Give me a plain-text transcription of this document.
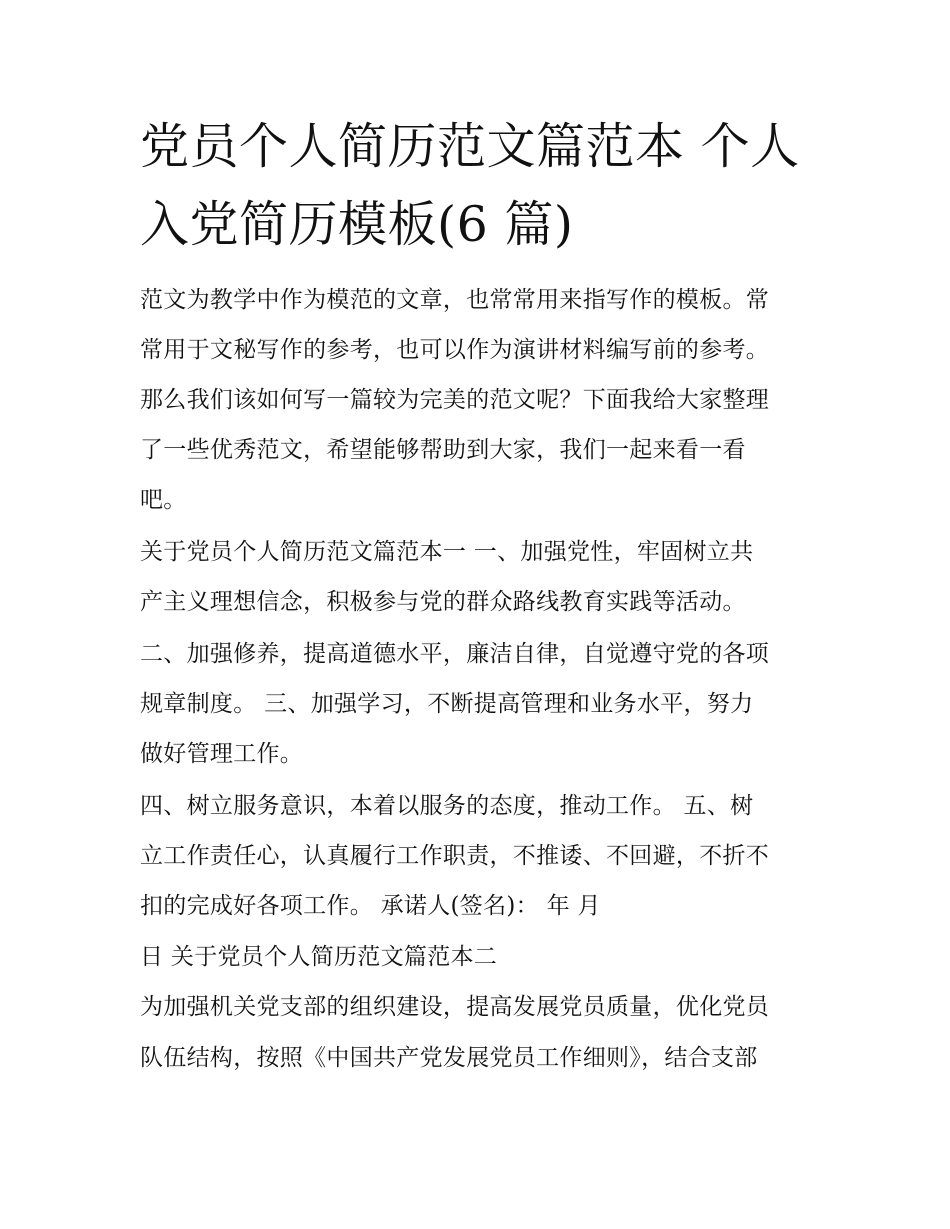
党员个人简历范文篇范本 个人
入党简历模板(6 篇)
范文为教学中作为模范的文章，也常常用来指写作的模板。常
常用于文秘写作的参考，也可以作为演讲材料编写前的参考。
那么我们该如何写一篇较为完美的范文呢？下面我给大家整理
了一些优秀范文，希望能够帮助到大家，我们一起来看一看
吧。
关于党员个人简历范文篇范本一 一、加强党性，牢固树立共
产主义理想信念，积极参与党的群众路线教育实践等活动。
二、加强修养，提高道德水平，廉洁自律，自觉遵守党的各项
规章制度。 三、加强学习，不断提高管理和业务水平，努力
做好管理工作。
四、树立服务意识，本着以服务的态度，推动工作。 五、树
立工作责任心，认真履行工作职责，不推诿、不回避，不折不
扣的完成好各项工作。 承诺人(签名)： 年 月
日 关于党员个人简历范文篇范本二
为加强机关党支部的组织建设，提高发展党员质量，优化党员
队伍结构，按照《中国共产党发展党员工作细则》，结合支部
